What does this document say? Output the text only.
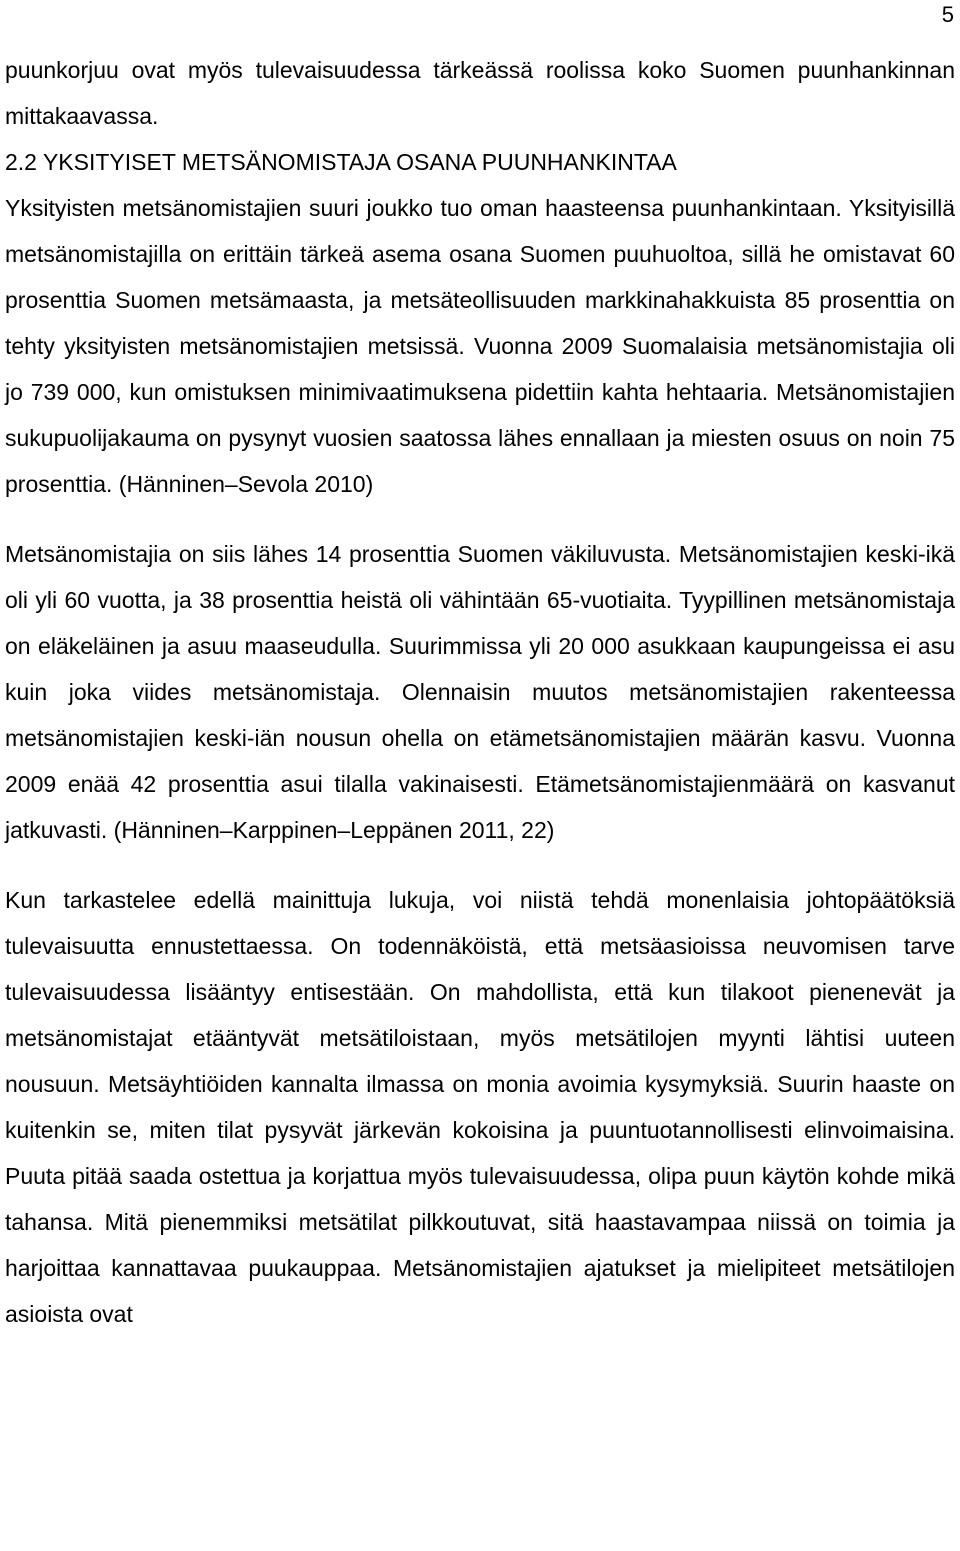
5

puunkorjuu ovat myös tulevaisuudessa tärkeässä roolissa koko Suomen puunhankinnan mittakaavassa.

2.2 YKSITYISET METSÄNOMISTAJA OSANA PUUNHANKINTAA

Yksityisten metsänomistajien suuri joukko tuo oman haasteensa puunhankintaan. Yksityisillä metsänomistajilla on erittäin tärkeä asema osana Suomen puuhuoltoa, sillä he omistavat 60 prosenttia Suomen metsämaasta, ja metsäteollisuuden markkinahakkuista 85 prosenttia on tehty yksityisten metsänomistajien metsissä. Vuonna 2009 Suomalaisia metsänomistajia oli jo 739 000, kun omistuksen minimivaatimuksena pidettiin kahta hehtaaria. Metsänomistajien sukupuolijakauma on pysynyt vuosien saatossa lähes ennallaan ja miesten osuus on noin 75 prosenttia. (Hänninen–Sevola 2010)

Metsänomistajia on siis lähes 14 prosenttia Suomen väkiluvusta. Metsänomistajien keski-ikä oli yli 60 vuotta, ja 38 prosenttia heistä oli vähintään 65-vuotiaita. Tyypillinen metsänomistaja on eläkeläinen ja asuu maaseudulla. Suurimmissa yli 20 000 asukkaan kaupungeissa ei asu kuin joka viides metsänomistaja. Olennaisin muutos metsänomistajien rakenteessa metsänomistajien keski-iän nousun ohella on etämetsänomistajien määrän kasvu. Vuonna 2009 enää 42 prosenttia asui tilalla vakinaisesti. Etämetsänomistajienmäärä on kasvanut jatkuvasti. (Hänninen–Karppinen–Leppänen 2011, 22)

Kun tarkastelee edellä mainittuja lukuja, voi niistä tehdä monenlaisia johtopäätöksiä tulevaisuutta ennustettaessa. On todennäköistä, että metsäasioissa neuvomisen tarve tulevaisuudessa lisääntyy entisestään. On mahdollista, että kun tilakoot pienenevät ja metsänomistajat etääntyvät metsätiloistaan, myös metsätilojen myynti lähtisi uuteen nousuun. Metsäyhtiöiden kannalta ilmassa on monia avoimia kysymyksiä. Suurin haaste on kuitenkin se, miten tilat pysyvät järkevän kokoisina ja puuntuotannollisesti elinvoimaisina. Puuta pitää saada ostettua ja korjattua myös tulevaisuudessa, olipa puun käytön kohde mikä tahansa. Mitä pienemmiksi metsätilat pilkkoutuvat, sitä haastavampaa niissä on toimia ja harjoittaa kannattavaa puukauppaa. Metsänomistajien ajatukset ja mielipiteet metsätilojen asioista ovat
